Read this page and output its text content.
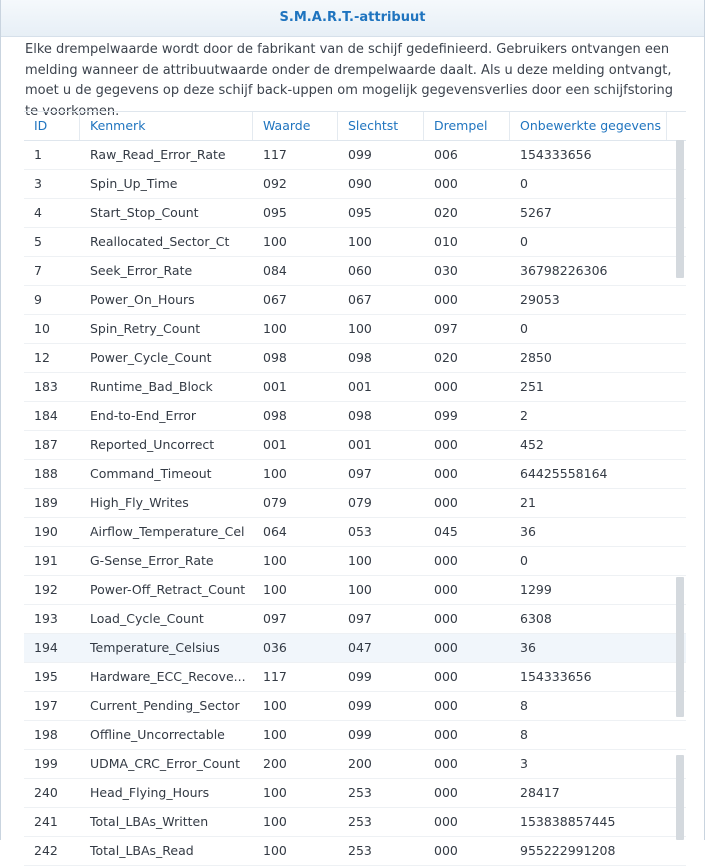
S.M.A.R.T.-attribuut
Elke drempelwaarde wordt door de fabrikant van de schijf gedefinieerd. Gebruikers ontvangen een melding wanneer de attribuutwaarde onder de drempelwaarde daalt. Als u deze melding ontvangt, moet u de gegevens op deze schijf back-uppen om mogelijk gegevensverlies door een schijfstoring te voorkomen.
ID	Kenmerk	Waarde	Slechtst	Drempel	Onbewerkte gegevens
1	Raw_Read_Error_Rate	117	099	006	154333656
3	Spin_Up_Time	092	090	000	0
4	Start_Stop_Count	095	095	020	5267
5	Reallocated_Sector_Ct	100	100	010	0
7	Seek_Error_Rate	084	060	030	36798226306
9	Power_On_Hours	067	067	000	29053
10	Spin_Retry_Count	100	100	097	0
12	Power_Cycle_Count	098	098	020	2850
183	Runtime_Bad_Block	001	001	000	251
184	End-to-End_Error	098	098	099	2
187	Reported_Uncorrect	001	001	000	452
188	Command_Timeout	100	097	000	64425558164
189	High_Fly_Writes	079	079	000	21
190	Airflow_Temperature_Cel	064	053	045	36
191	G-Sense_Error_Rate	100	100	000	0
192	Power-Off_Retract_Count	100	100	000	1299
193	Load_Cycle_Count	097	097	000	6308
194	Temperature_Celsius	036	047	000	36
195	Hardware_ECC_Recove...	117	099	000	154333656
197	Current_Pending_Sector	100	099	000	8
198	Offline_Uncorrectable	100	099	000	8
199	UDMA_CRC_Error_Count	200	200	000	3
240	Head_Flying_Hours	100	253	000	28417
241	Total_LBAs_Written	100	253	000	153838857445
242	Total_LBAs_Read	100	253	000	955222991208
